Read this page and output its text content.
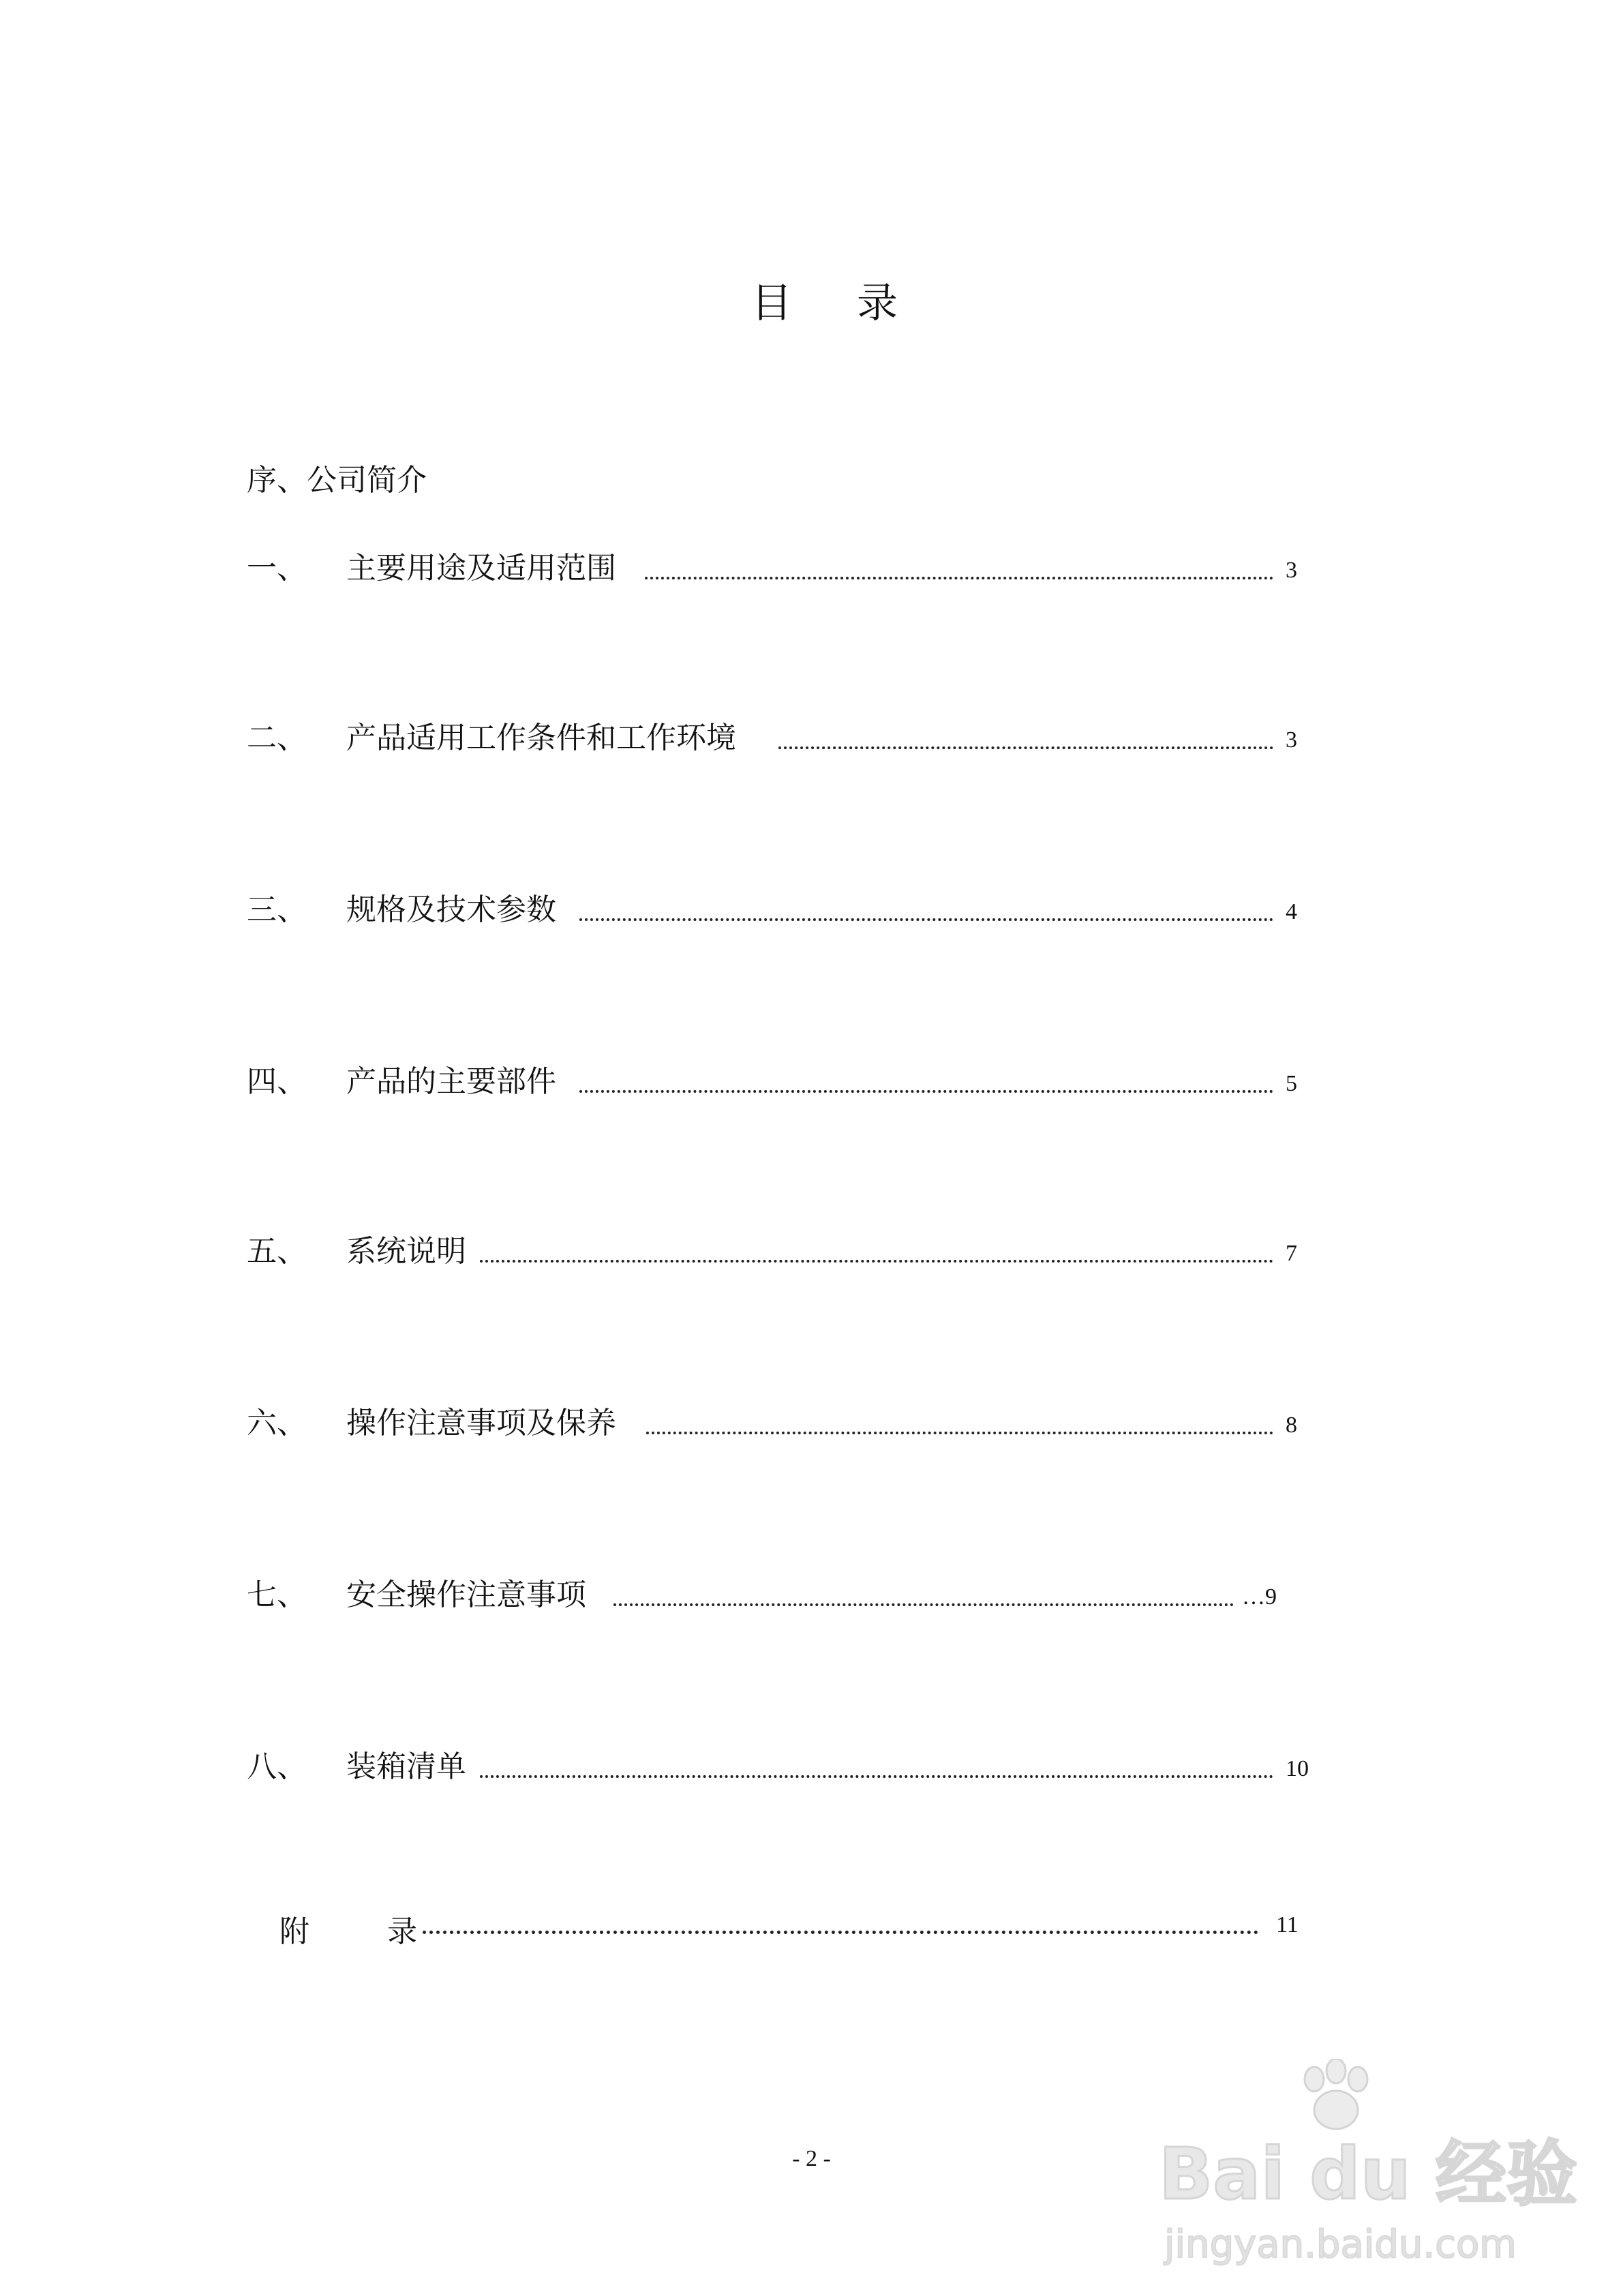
目 录
序、公司简介
一、 主要用途及适用范围	3
二、 产品适用工作条件和工作环境	3
三、 规格及技术参数	4
四、 产品的主要部件	5
五、 系统说明	7
六、 操作注意事项及保养	8
七、 安全操作注意事项	…9
八、 装箱清单	10
附 录	11
- 2 -	Bai du 经验
jingyan.baidu.com
